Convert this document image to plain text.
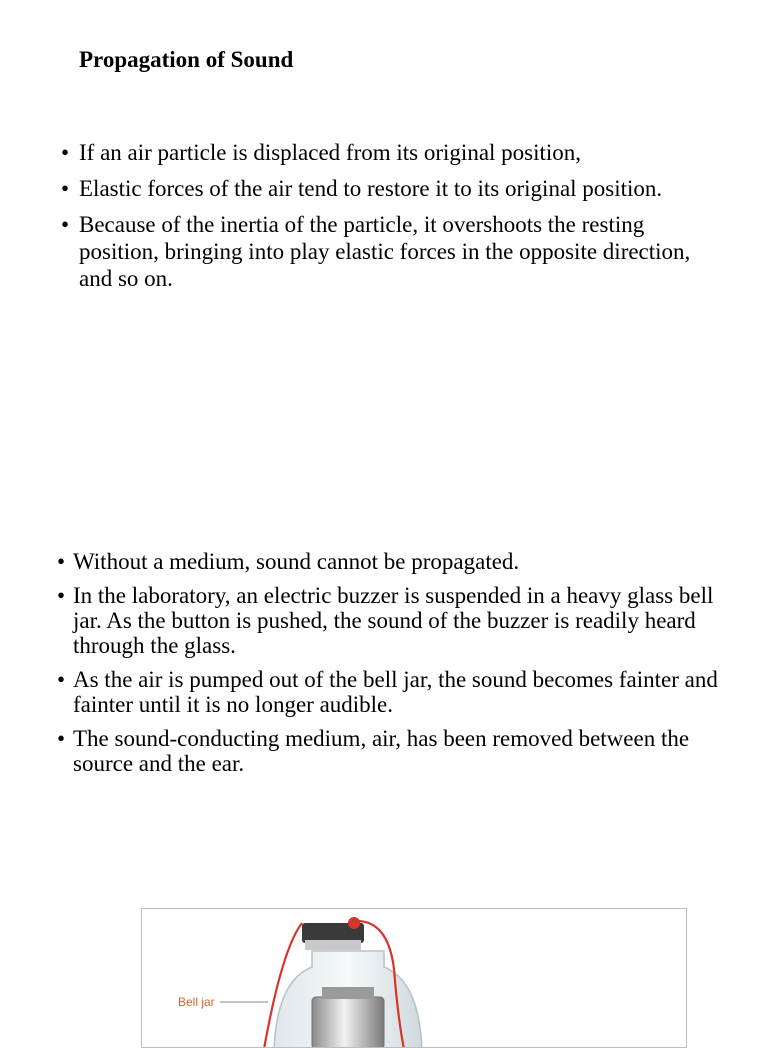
Propagation of Sound
• If an air particle is displaced from its original position,
• Elastic forces of the air tend to restore it to its original position.
• Because of the inertia of the particle, it overshoots the resting position, bringing into play elastic forces in the opposite direction, and so on.
• Without a medium, sound cannot be propagated.
• In the laboratory, an electric buzzer is suspended in a heavy glass bell jar. As the button is pushed, the sound of the buzzer is readily heard through the glass.
• As the air is pumped out of the bell jar, the sound becomes fainter and fainter until it is no longer audible.
• The sound-conducting medium, air, has been removed between the source and the ear.
Bell jar
